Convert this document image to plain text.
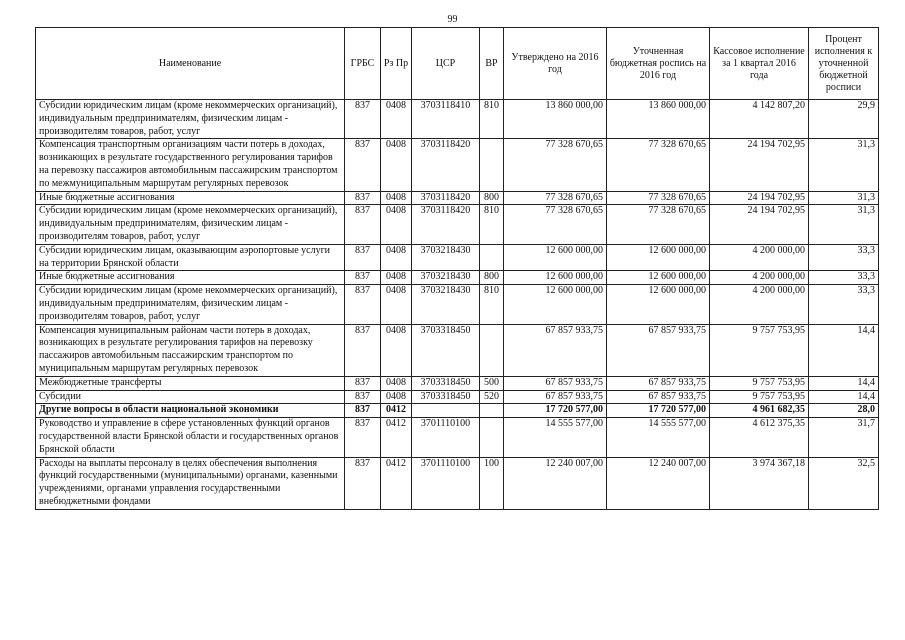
99
Наименование	ГРБС	Рз Пр	ЦСР	ВР	Утверждено на 2016 год	Уточненная бюджетная роспись на 2016 год	Кассовое исполнение за 1 квартал 2016 года	Процент исполнения к уточненной бюджетной росписи
Субсидии юридическим лицам (кроме некоммерческих организаций), индивидуальным предпринимателям, физическим лицам - производителям товаров, работ, услуг	837	0408	3703118410	810	13 860 000,00	13 860 000,00	4 142 807,20	29,9
Компенсация транспортным организациям части потерь в доходах, возникающих в результате государственного регулирования тарифов на перевозку пассажиров автомобильным пассажирским транспортом по межмуниципальным маршрутам регулярных перевозок	837	0408	3703118420		77 328 670,65	77 328 670,65	24 194 702,95	31,3
Иные бюджетные ассигнования	837	0408	3703118420	800	77 328 670,65	77 328 670,65	24 194 702,95	31,3
Субсидии юридическим лицам (кроме некоммерческих организаций), индивидуальным предпринимателям, физическим лицам - производителям товаров, работ, услуг	837	0408	3703118420	810	77 328 670,65	77 328 670,65	24 194 702,95	31,3
Субсидии юридическим лицам, оказывающим аэропортовые услуги на территории Брянской области	837	0408	3703218430		12 600 000,00	12 600 000,00	4 200 000,00	33,3
Иные бюджетные ассигнования	837	0408	3703218430	800	12 600 000,00	12 600 000,00	4 200 000,00	33,3
Субсидии юридическим лицам (кроме некоммерческих организаций), индивидуальным предпринимателям, физическим лицам - производителям товаров, работ, услуг	837	0408	3703218430	810	12 600 000,00	12 600 000,00	4 200 000,00	33,3
Компенсация муниципальным районам части потерь в доходах, возникающих в результате регулирования тарифов на перевозку пассажиров автомобильным пассажирским транспортом по муниципальным маршрутам регулярных перевозок	837	0408	3703318450		67 857 933,75	67 857 933,75	9 757 753,95	14,4
Межбюджетные трансферты	837	0408	3703318450	500	67 857 933,75	67 857 933,75	9 757 753,95	14,4
Субсидии	837	0408	3703318450	520	67 857 933,75	67 857 933,75	9 757 753,95	14,4
Другие вопросы в области национальной экономики	837	0412			17 720 577,00	17 720 577,00	4 961 682,35	28,0
Руководство и управление в сфере установленных функций органов государственной власти Брянской области и государственных органов Брянской области	837	0412	3701110100		14 555 577,00	14 555 577,00	4 612 375,35	31,7
Расходы на выплаты персоналу в целях обеспечения выполнения функций государственными (муниципальными) органами, казенными учреждениями, органами управления государственными внебюджетными фондами	837	0412	3701110100	100	12 240 007,00	12 240 007,00	3 974 367,18	32,5
